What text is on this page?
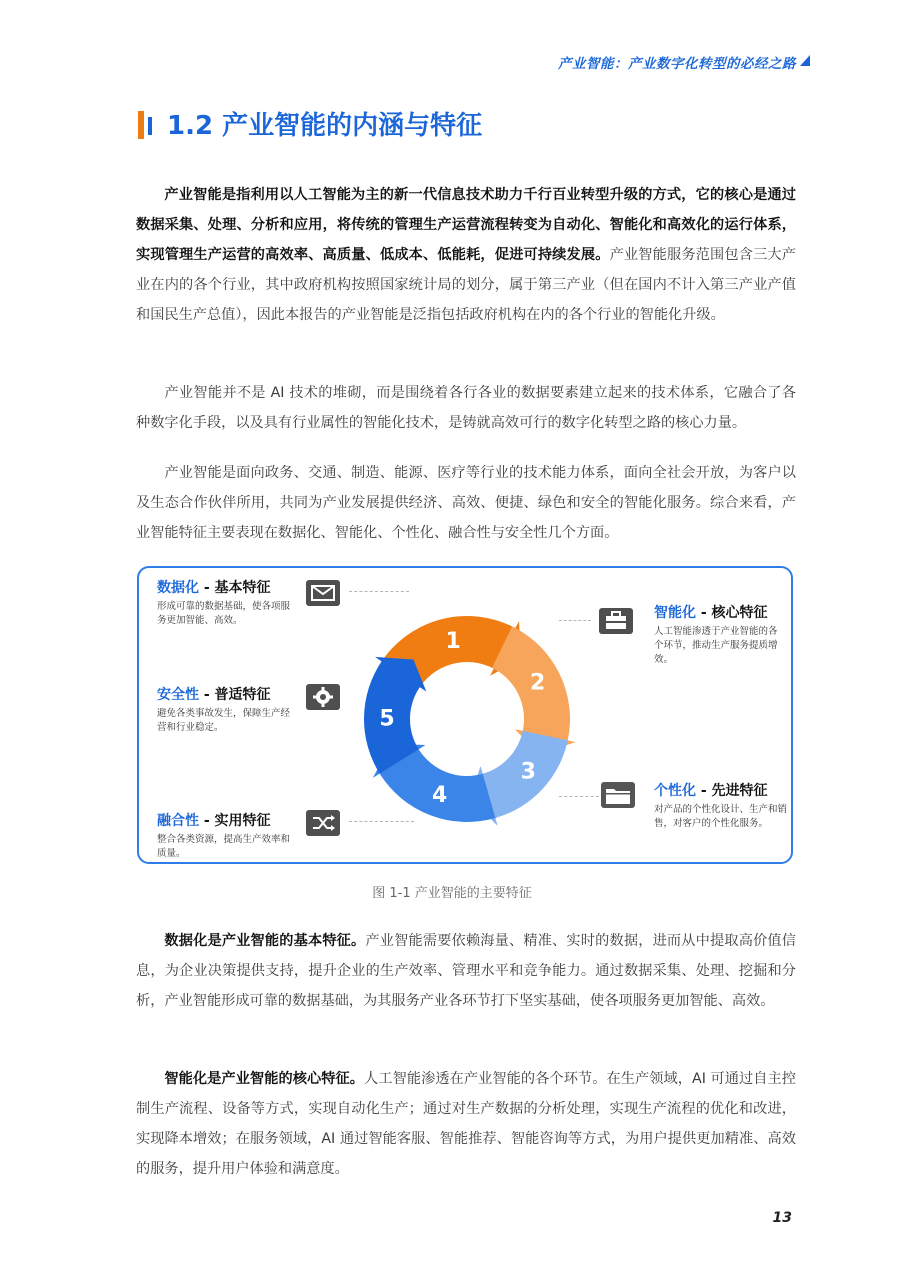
产业智能：产业数字化转型的必经之路
1.2 产业智能的内涵与特征
产业智能是指利用以人工智能为主的新一代信息技术助力千行百业转型升级的方式，它的核心是通过数据采集、处理、分析和应用，将传统的管理生产运营流程转变为自动化、智能化和高效化的运行体系，实现管理生产运营的高效率、高质量、低成本、低能耗，促进可持续发展。产业智能服务范围包含三大产业在内的各个行业，其中政府机构按照国家统计局的划分，属于第三产业（但在国内不计入第三产业产值和国民生产总值），因此本报告的产业智能是泛指包括政府机构在内的各个行业的智能化升级。
产业智能并不是 AI 技术的堆砌，而是围绕着各行各业的数据要素建立起来的技术体系，它融合了各种数字化手段，以及具有行业属性的智能化技术，是铸就高效可行的数字化转型之路的核心力量。
产业智能是面向政务、交通、制造、能源、医疗等行业的技术能力体系，面向全社会开放，为客户以及生态合作伙伴所用，共同为产业发展提供经济、高效、便捷、绿色和安全的智能化服务。综合来看，产业智能特征主要表现在数据化、智能化、个性化、融合性与安全性几个方面。
1
2
3
4
5
数据化 - 基本特征
形成可靠的数据基础，使各项服务更加智能、高效。	智能化 - 核心特征
人工智能渗透于产业智能的各个环节，推动生产服务提质增效。
安全性 - 普适特征
避免各类事故发生，保障生产经营和行业稳定。
个性化 - 先进特征
对产品的个性化设计、生产和销售，对客户的个性化服务。
融合性 - 实用特征
整合各类资源，提高生产效率和质量。
图 1-1 产业智能的主要特征
数据化是产业智能的基本特征。产业智能需要依赖海量、精准、实时的数据，进而从中提取高价值信息，为企业决策提供支持，提升企业的生产效率、管理水平和竞争能力。通过数据采集、处理、挖掘和分析，产业智能形成可靠的数据基础，为其服务产业各环节打下坚实基础，使各项服务更加智能、高效。
智能化是产业智能的核心特征。人工智能渗透在产业智能的各个环节。在生产领域，AI 可通过自主控制生产流程、设备等方式，实现自动化生产；通过对生产数据的分析处理，实现生产流程的优化和改进，实现降本增效；在服务领域，AI 通过智能客服、智能推荐、智能咨询等方式，为用户提供更加精准、高效的服务，提升用户体验和满意度。
13
